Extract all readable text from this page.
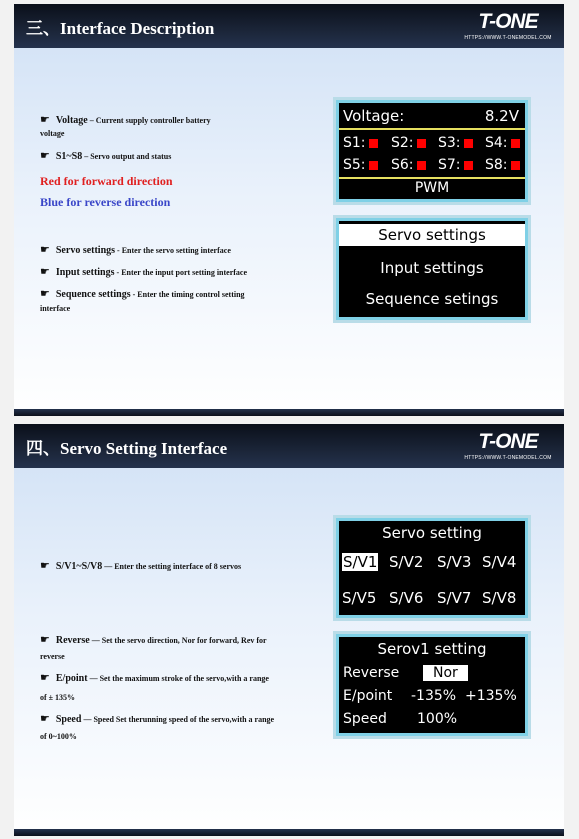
三、Interface Description	T-ONE
HTTPS://WWW.T-ONEMODEL.COM
☛ Voltage – Current supply controller battery
voltage
☛ S1~S8 – Servo output and status
Red for forward direction
Blue for reverse direction
☛ Servo settings - Enter the servo setting interface
☛ Input settings - Enter the input port setting interface
☛ Sequence settings - Enter the timing control setting
interface
Voltage:	8.2V
S1:	S2:	S3:	S4:
S5:	S6:	S7:	S8:
PWM
Servo settings
Input settings
Sequence setings
四、Servo Setting Interface	T-ONE
HTTPS://WWW.T-ONEMODEL.COM
☛ S/V1~S/V8 — Enter the setting interface of 8 servos
☛ Reverse — Set the servo direction, Nor for forward, Rev for
reverse
☛ E/point — Set the maximum stroke of the servo,with a range
of ± 135%
☛ Speed — Speed Set therunning speed of the servo,with a range
of 0~100%
Servo setting
S/V1 S/V2 S/V3 S/V4
S/V5 S/V6 S/V7 S/V8
Serov1 setting
Reverse	Nor
E/point -135% +135%
Speed 100%
